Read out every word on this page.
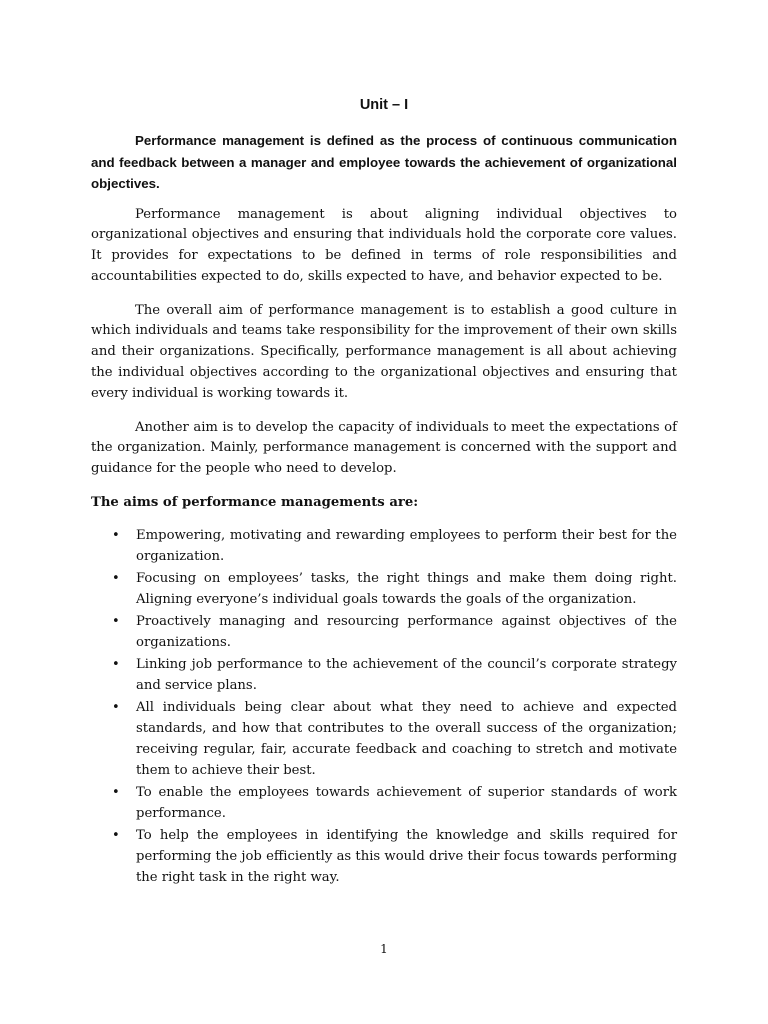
Unit – I

Performance management is defined as the process of continuous communication and feedback between a manager and employee towards the achievement of organizational objectives.

Performance management is about aligning individual objectives to organizational objectives and ensuring that individuals hold the corporate core values. It provides for expectations to be defined in terms of role responsibilities and accountabilities expected to do, skills expected to have, and behavior expected to be.

The overall aim of performance management is to establish a good culture in which individuals and teams take responsibility for the improvement of their own skills and their organizations. Specifically, performance management is all about achieving the individual objectives according to the organizational objectives and ensuring that every individual is working towards it.

Another aim is to develop the capacity of individuals to meet the expectations of the organization. Mainly, performance management is concerned with the support and guidance for the people who need to develop.

The aims of performance managements are:

• Empowering, motivating and rewarding employees to perform their best for the organization.
• Focusing on employees’ tasks, the right things and make them doing right. Aligning everyone’s individual goals towards the goals of the organization.
• Proactively managing and resourcing performance against objectives of the organizations.
• Linking job performance to the achievement of the council’s corporate strategy and service plans.
• All individuals being clear about what they need to achieve and expected standards, and how that contributes to the overall success of the organization; receiving regular, fair, accurate feedback and coaching to stretch and motivate them to achieve their best.
• To enable the employees towards achievement of superior standards of work performance.
• To help the employees in identifying the knowledge and skills required for performing the job efficiently as this would drive their focus towards performing the right task in the right way.
1
